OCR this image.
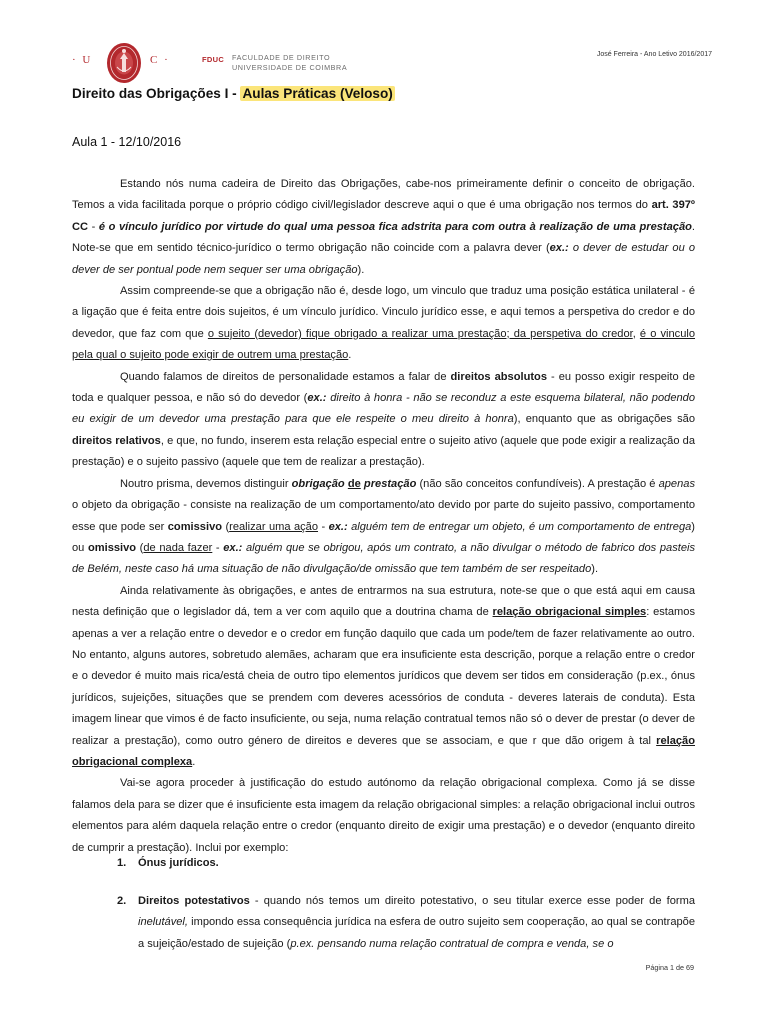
· U	C ·	FDUC FACULDADE DE DIREITO
UNIVERSIDADE DE COIMBRA
José Ferreira - Ano Letivo 2016/2017
Direito das Obrigações I - Aulas Práticas (Veloso)
Aula 1 - 12/10/2016

Estando nós numa cadeira de Direito das Obrigações, cabe-nos primeiramente definir o conceito de obrigação. Temos a vida facilitada porque o próprio código civil/legislador descreve aqui o que é uma obrigação nos termos do art. 397º CC - é o vínculo jurídico por virtude do qual uma pessoa fica adstrita para com outra à realização de uma prestação. Note-se que em sentido técnico-jurídico o termo obrigação não coincide com a palavra dever (ex.: o dever de estudar ou o dever de ser pontual pode nem sequer ser uma obrigação).

Assim compreende-se que a obrigação não é, desde logo, um vinculo que traduz uma posição estática unilateral - é a ligação que é feita entre dois sujeitos, é um vínculo jurídico. Vinculo jurídico esse, e aqui temos a perspetiva do credor e do devedor, que faz com que o sujeito (devedor) fique obrigado a realizar uma prestação; da perspetiva do credor, é o vinculo pela qual o sujeito pode exigir de outrem uma prestação.

Quando falamos de direitos de personalidade estamos a falar de direitos absolutos - eu posso exigir respeito de toda e qualquer pessoa, e não só do devedor (ex.: direito à honra - não se reconduz a este esquema bilateral, não podendo eu exigir de um devedor uma prestação para que ele respeite o meu direito à honra), enquanto que as obrigações são direitos relativos, e que, no fundo, inserem esta relação especial entre o sujeito ativo (aquele que pode exigir a realização da prestação) e o sujeito passivo (aquele que tem de realizar a prestação).

Noutro prisma, devemos distinguir obrigação de prestação (não são conceitos confundíveis). A prestação é apenas o objeto da obrigação - consiste na realização de um comportamento/ato devido por parte do sujeito passivo, comportamento esse que pode ser comissivo (realizar uma ação - ex.: alguém tem de entregar um objeto, é um comportamento de entrega) ou omissivo (de nada fazer - ex.: alguém que se obrigou, após um contrato, a não divulgar o método de fabrico dos pasteis de Belém, neste caso há uma situação de não divulgação/de omissão que tem também de ser respeitado).

Ainda relativamente às obrigações, e antes de entrarmos na sua estrutura, note-se que o que está aqui em causa nesta definição que o legislador dá, tem a ver com aquilo que a doutrina chama de relação obrigacional simples: estamos apenas a ver a relação entre o devedor e o credor em função daquilo que cada um pode/tem de fazer relativamente ao outro. No entanto, alguns autores, sobretudo alemães, acharam que era insuficiente esta descrição, porque a relação entre o credor e o devedor é muito mais rica/está cheia de outro tipo elementos jurídicos que devem ser tidos em consideração (p.ex., ónus jurídicos, sujeições, situações que se prendem com deveres acessórios de conduta - deveres laterais de conduta). Esta imagem linear que vimos é de facto insuficiente, ou seja, numa relação contratual temos não só o dever de prestar (o dever de realizar a prestação), como outro género de direitos e deveres que se associam, e que r que dão origem à tal relação obrigacional complexa.

Vai-se agora proceder à justificação do estudo autónomo da relação obrigacional complexa. Como já se disse falamos dela para se dizer que é insuficiente esta imagem da relação obrigacional simples: a relação obrigacional inclui outros elementos para além daquela relação entre o credor (enquanto direito de exigir uma prestação) e o devedor (enquanto direito de cumprir a prestação). Inclui por exemplo:

1. Ónus jurídicos.
2. Direitos potestativos - quando nós temos um direito potestativo, o seu titular exerce esse poder de forma inelutável, impondo essa consequência jurídica na esfera de outro sujeito sem cooperação, ao qual se contrapõe a sujeição/estado de sujeição (p.ex. pensando numa relação contratual de compra e venda, se o
Página 1 de 69
